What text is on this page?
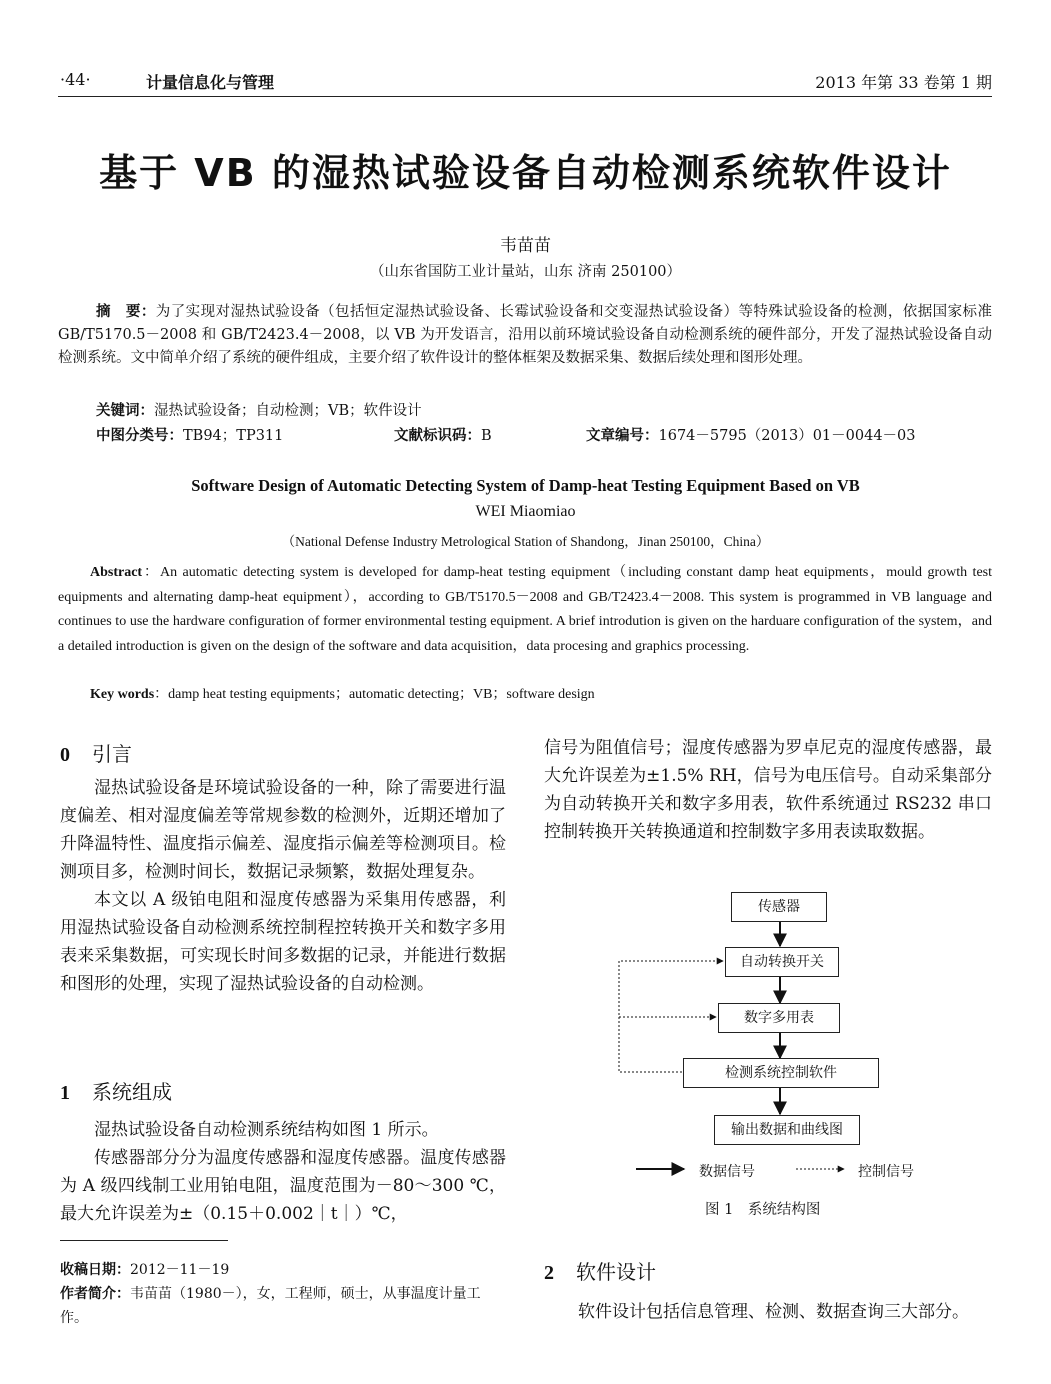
·44·	计量信息化与管理	2013 年第 33 卷第 1 期
基于 VB 的湿热试验设备自动检测系统软件设计
韦苗苗
（山东省国防工业计量站，山东 济南 250100）
摘　要：为了实现对湿热试验设备（包括恒定湿热试验设备、长霉试验设备和交变湿热试验设备）等特殊试验设备的检测，依据国家标准 GB/T5170.5－2008 和 GB/T2423.4－2008，以 VB 为开发语言，沿用以前环境试验设备自动检测系统的硬件部分，开发了湿热试验设备自动检测系统。文中简单介绍了系统的硬件组成，主要介绍了软件设计的整体框架及数据采集、数据后续处理和图形处理。
关键词：湿热试验设备；自动检测；VB；软件设计
中图分类号：TB94；TP311	文献标识码：B	文章编号：1674－5795（2013）01－0044－03
Software Design of Automatic Detecting System of Damp-heat Testing Equipment Based on VB
WEI Miaomiao
（National Defense Industry Metrological Station of Shandong，Jinan 250100，China）
Abstract：An automatic detecting system is developed for damp-heat testing equipment（including constant damp heat equipments，mould growth test equipments and alternating damp-heat equipment），according to GB/T5170.5－2008 and GB/T2423.4－2008. This system is programmed in VB language and continues to use the hardware configuration of former environmental testing equipment. A brief introdution is given on the harduare configuration of the system，and a detailed introduction is given on the design of the software and data acquisition，data procesing and graphics processing.
Key words：damp heat testing equipments；automatic detecting；VB；software design
0 引言

湿热试验设备是环境试验设备的一种，除了需要进行温度偏差、相对湿度偏差等常规参数的检测外，近期还增加了升降温特性、温度指示偏差、湿度指示偏差等检测项目。检测项目多，检测时间长，数据记录频繁，数据处理复杂。

本文以 A 级铂电阻和湿度传感器为采集用传感器，利用湿热试验设备自动检测系统控制程控转换开关和数字多用表来采集数据，可实现长时间多数据的记录，并能进行数据和图形的处理，实现了湿热试验设备的自动检测。

1 系统组成

湿热试验设备自动检测系统结构如图 1 所示。

传感器部分分为温度传感器和湿度传感器。温度传感器为 A 级四线制工业用铂电阻，温度范围为－80～300 ℃，最大允许误差为±（0.15＋0.002｜t｜）℃，

收稿日期：2012－11－19
作者简介：韦苗苗（1980－），女，工程师，硕士，从事温度计量工作。

信号为阻值信号；湿度传感器为罗卓尼克的湿度传感器，最大允许误差为±1.5% RH，信号为电压信号。自动采集部分为自动转换开关和数字多用表，软件系统通过 RS232 串口控制转换开关转换通道和控制数字多用表读取数据。

传感器
自动转换开关
数字多用表
检测系统控制软件
输出数据和曲线图
数据信号	控制信号
图 1　系统结构图
2 软件设计

软件设计包括信息管理、检测、数据查询三大部分。
